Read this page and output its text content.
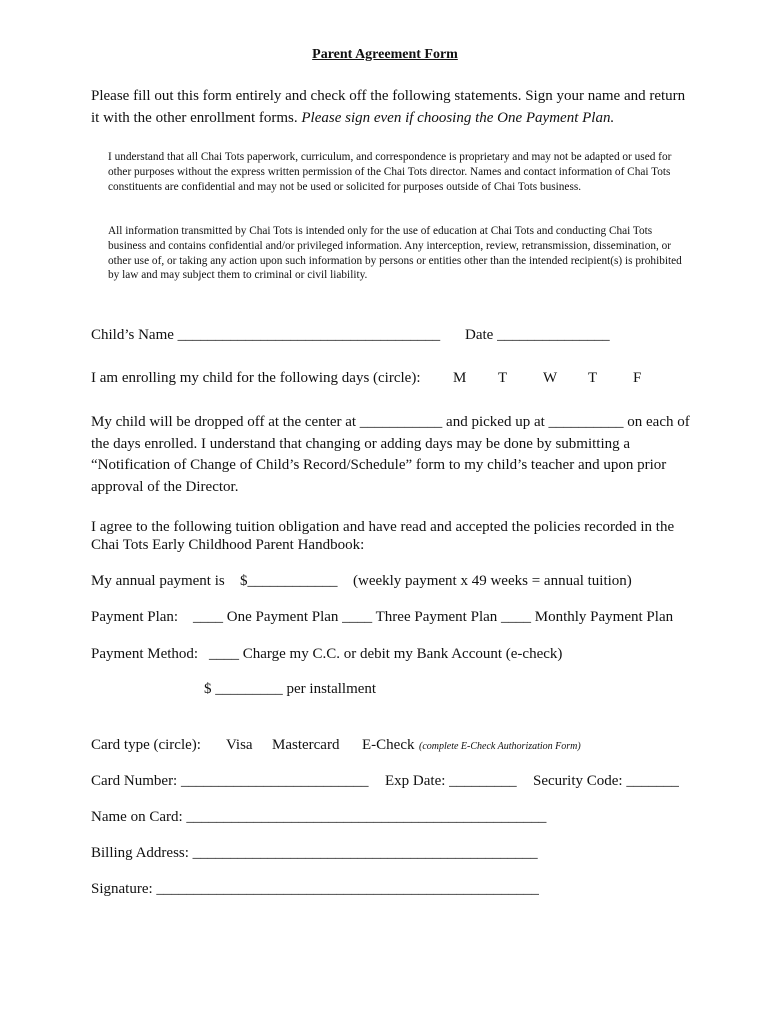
Parent Agreement Form
Please fill out this form entirely and check off the following statements. Sign your name and return it with the other enrollment forms. Please sign even if choosing the One Payment Plan.
I understand that all Chai Tots paperwork, curriculum, and correspondence is proprietary and may not be adapted or used for other purposes without the express written permission of the Chai Tots director. Names and contact information of Chai Tots constituents are confidential and may not be used or solicited for purposes outside of Chai Tots business.
All information transmitted by Chai Tots is intended only for the use of education at Chai Tots and conducting Chai Tots business and contains confidential and/or privileged information. Any interception, review, retransmission, dissemination, or other use of, or taking any action upon such information by persons or entities other than the intended recipient(s) is prohibited by law and may subject them to criminal or civil liability.
Child’s Name ___________________________________ Date _______________
I am enrolling my child for the following days (circle): M T W T F
My child will be dropped off at the center at ___________ and picked up at __________ on each of the days enrolled. I understand that changing or adding days may be done by submitting a “Notification of Change of Child’s Record/Schedule” form to my child’s teacher and upon prior approval of the Director.
I agree to the following tuition obligation and have read and accepted the policies recorded in the Chai Tots Early Childhood Parent Handbook:
My annual payment is $____________ (weekly payment x 49 weeks = annual tuition)
Payment Plan: ____ One Payment Plan ____ Three Payment Plan ____ Monthly Payment Plan
Payment Method: ____ Charge my C.C. or debit my Bank Account (e-check)
$ _________ per installment
Card type (circle): Visa Mastercard E-Check (complete E-Check Authorization Form)
Card Number: _________________________ Exp Date: _________ Security Code: _______
Name on Card: ________________________________________________
Billing Address: ______________________________________________
Signature: ___________________________________________________
